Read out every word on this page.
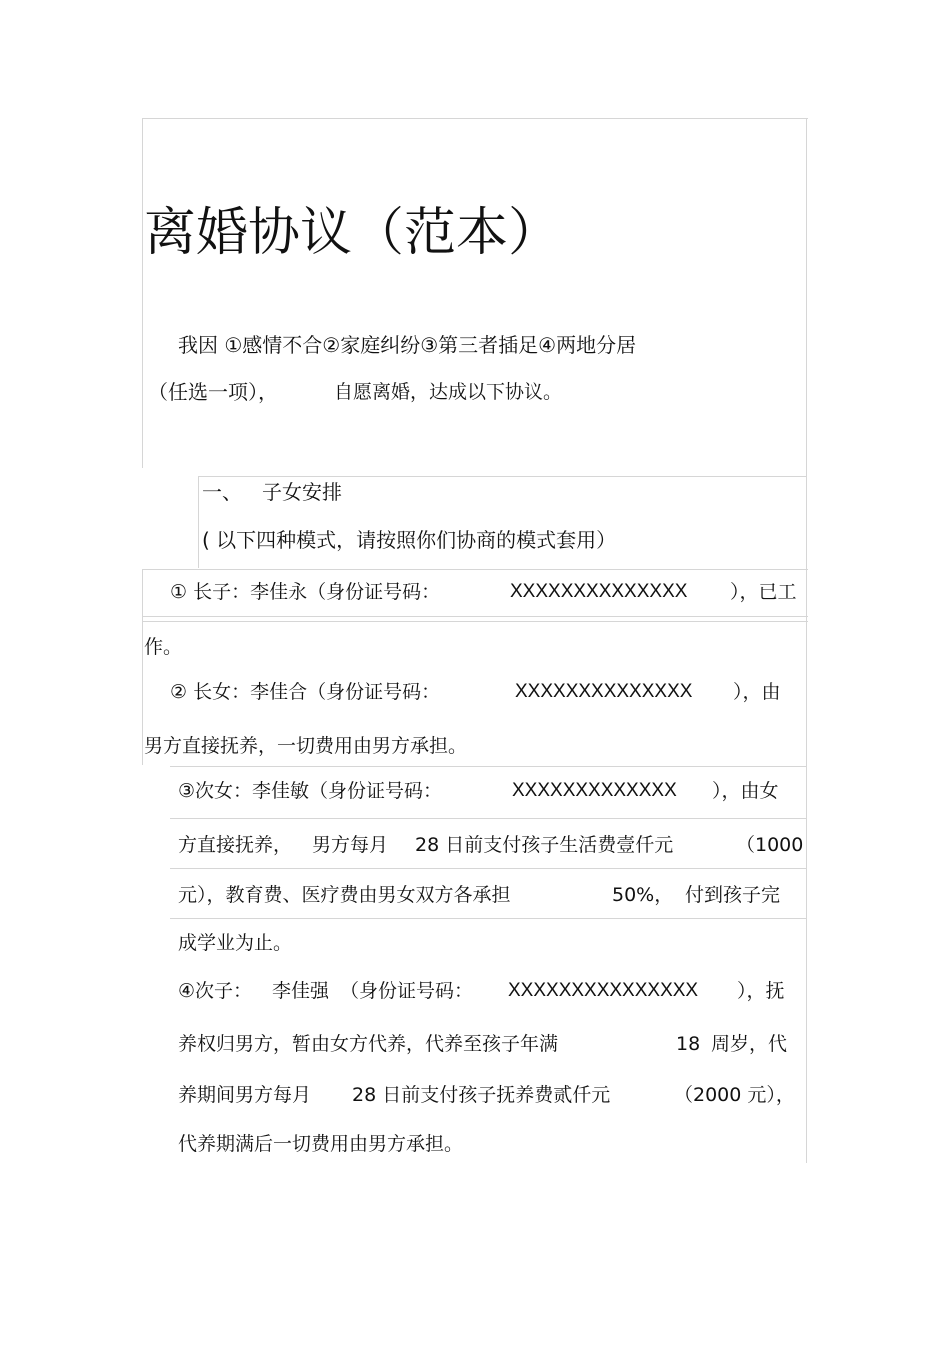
离婚协议（范本）
我因 ①感情不合②家庭纠纷③第三者插足④两地分居
（任选一项），	自愿离婚，达成以下协议。
一、 子女安排
( 以下四种模式，请按照你们协商的模式套用）
① 长子：李佳永（身份证号码：	XXXXXXXXXXXXXX ），已工
作。
② 长女：李佳合（身份证号码：	XXXXXXXXXXXXXX ），由
男方直接抚养，一切费用由男方承担。
③次女：李佳敏（身份证号码：	XXXXXXXXXXXXX ），由女
方直接抚养， 男方每月 28 日前支付孩子生活费壹仟元	（1000
元），教育费、医疗费由男女双方各承担	50%， 付到孩子完
成学业为止。
④次子： 李佳强 （身份证号码： XXXXXXXXXXXXXXX ），抚
养权归男方，暂由女方代养，代养至孩子年满	18 周岁，代
养期间男方每月 28 日前支付孩子抚养费贰仟元	（2000 元），
代养期满后一切费用由男方承担。
